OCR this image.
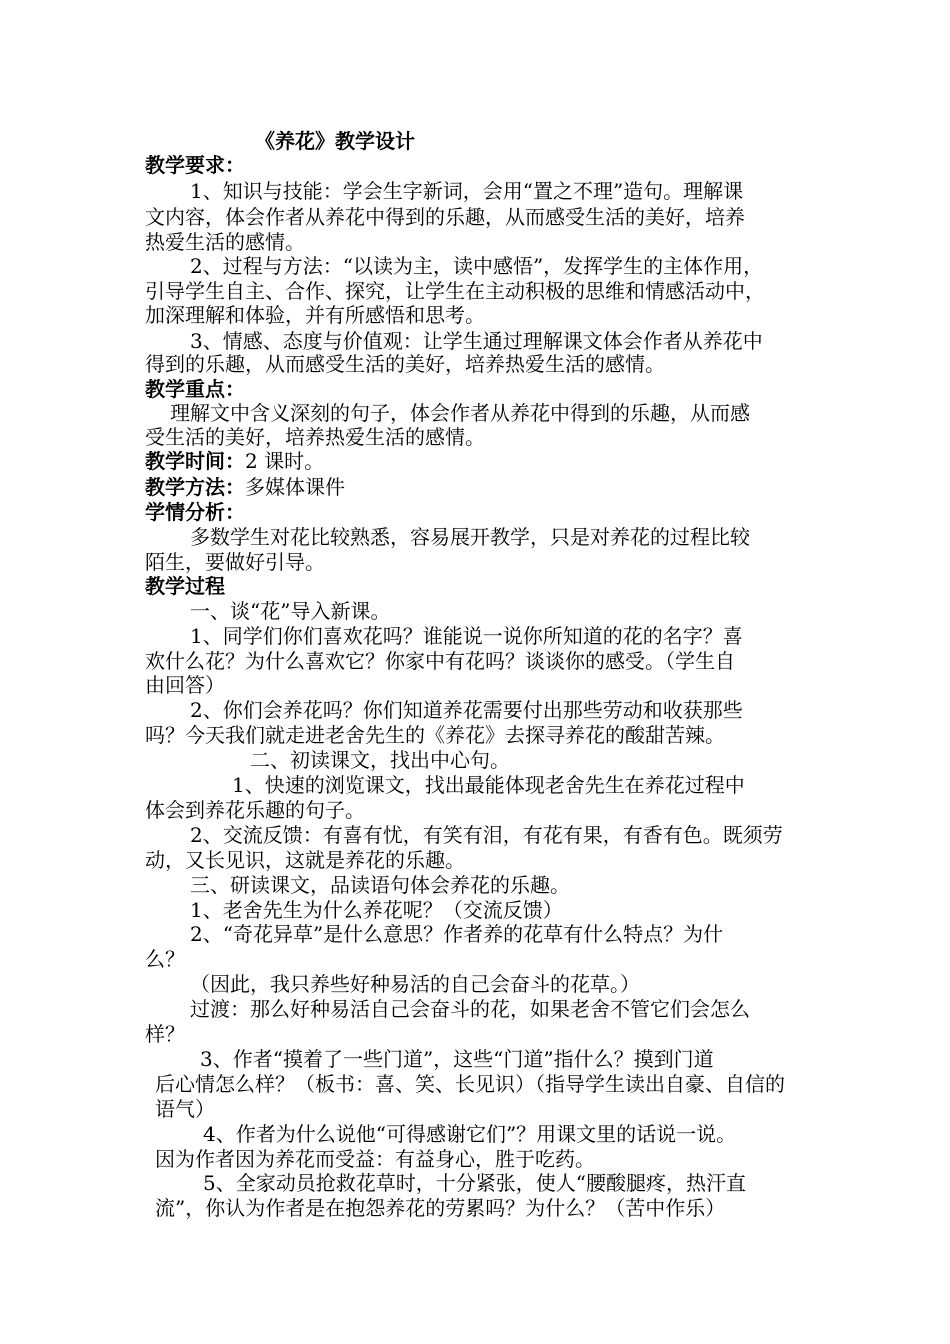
《养花》教学设计
教学要求：
1、知识与技能：学会生字新词，会用“置之不理”造句。理解课
文内容，体会作者从养花中得到的乐趣，从而感受生活的美好，培养
热爱生活的感情。
2、过程与方法：“以读为主，读中感悟”，发挥学生的主体作用，
引导学生自主、合作、探究，让学生在主动积极的思维和情感活动中，
加深理解和体验，并有所感悟和思考。
3、情感、态度与价值观：让学生通过理解课文体会作者从养花中
得到的乐趣，从而感受生活的美好，培养热爱生活的感情。
教学重点：
理解文中含义深刻的句子，体会作者从养花中得到的乐趣，从而感
受生活的美好，培养热爱生活的感情。
教学时间：2 课时。
教学方法：多媒体课件
学情分析：
多数学生对花比较熟悉，容易展开教学，只是对养花的过程比较
陌生，要做好引导。
教学过程
一、谈“花”导入新课。
1、同学们你们喜欢花吗？谁能说一说你所知道的花的名字？喜
欢什么花？为什么喜欢它？你家中有花吗？谈谈你的感受。（学生自
由回答）
2、你们会养花吗？你们知道养花需要付出那些劳动和收获那些
吗？今天我们就走进老舍先生的《养花》去探寻养花的酸甜苦辣。
二、初读课文，找出中心句。
1、快速的浏览课文，找出最能体现老舍先生在养花过程中
体会到养花乐趣的句子。
2、交流反馈：有喜有忧，有笑有泪，有花有果，有香有色。既须劳
动，又长见识，这就是养花的乐趣。
三、研读课文，品读语句体会养花的乐趣。
1、老舍先生为什么养花呢？（交流反馈）
2、“奇花异草”是什么意思？作者养的花草有什么特点？为什
么？
（因此，我只养些好种易活的自己会奋斗的花草。）
过渡：那么好种易活自己会奋斗的花，如果老舍不管它们会怎么
样？
3、作者“摸着了一些门道”，这些“门道”指什么？摸到门道
后心情怎么样？（板书：喜、笑、长见识）（指导学生读出自豪、自信的
语气）
4、作者为什么说他“可得感谢它们”？用课文里的话说一说。
因为作者因为养花而受益：有益身心，胜于吃药。
5、全家动员抢救花草时，十分紧张，使人“腰酸腿疼，热汗直
流”，你认为作者是在抱怨养花的劳累吗？为什么？（苦中作乐）
